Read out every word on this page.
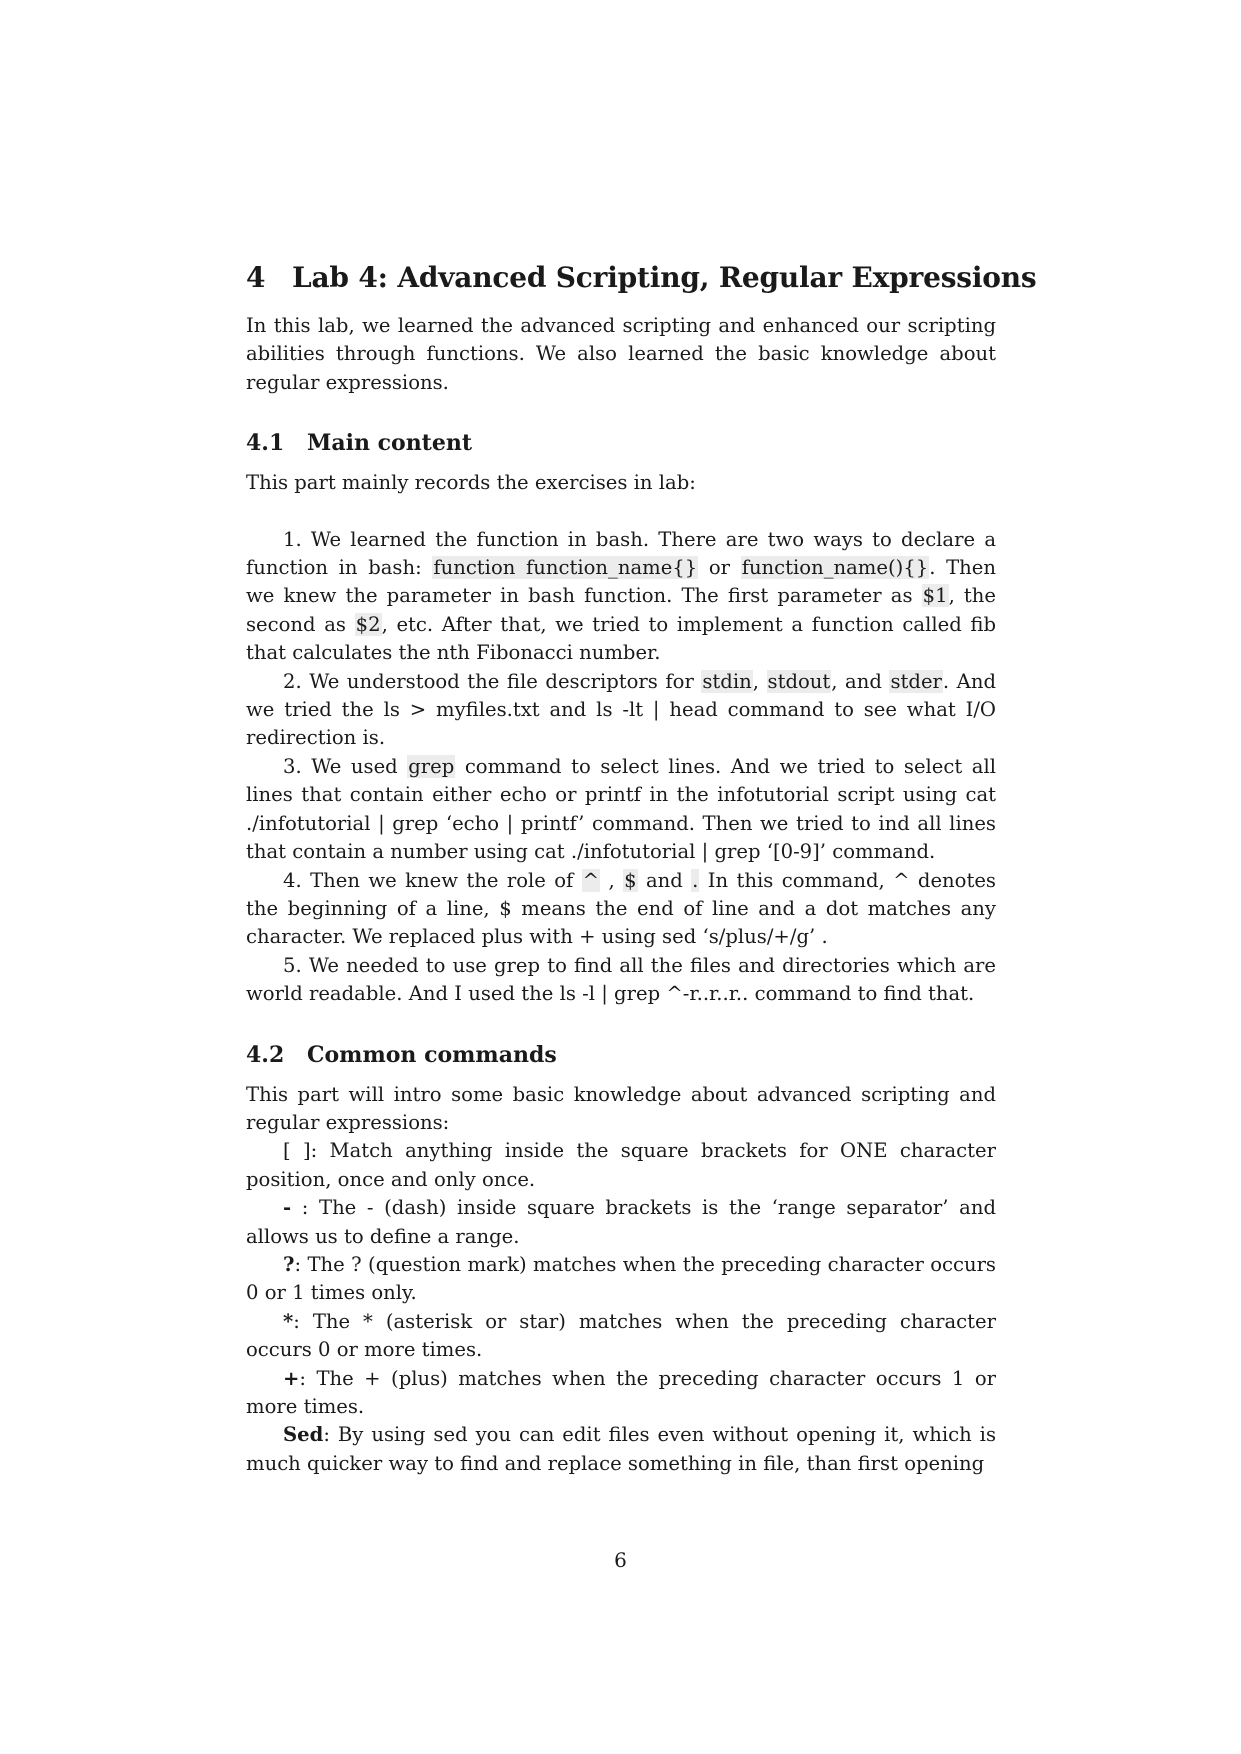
4 Lab 4: Advanced Scripting, Regular Expressions

In this lab, we learned the advanced scripting and enhanced our scripting abilities through functions. We also learned the basic knowledge about regular expressions.

4.1 Main content

This part mainly records the exercises in lab:

1. We learned the function in bash. There are two ways to declare a function in bash: function function_name{} or function_name(){}. Then we knew the parameter in bash function. The first parameter as $1, the second as $2, etc. After that, we tried to implement a function called fib that calculates the nth Fibonacci number.

2. We understood the file descriptors for stdin, stdout, and stder. And we tried the ls > myfiles.txt and ls -lt | head command to see what I/O redirection is.

3. We used grep command to select lines. And we tried to select all lines that contain either echo or printf in the infotutorial script using cat ./infotutorial | grep ‘echo | printf’ command. Then we tried to ind all lines that contain a number using cat ./infotutorial | grep ‘[0-9]’ command.

4. Then we knew the role of ^ , $ and . In this command, ^ denotes the beginning of a line, $ means the end of line and a dot matches any character. We replaced plus with + using sed ‘s/plus/+/g’ .

5. We needed to use grep to find all the files and directories which are world readable. And I used the ls -l | grep ^-r..r..r.. command to find that.

4.2 Common commands

This part will intro some basic knowledge about advanced scripting and regular expressions:

[ ]: Match anything inside the square brackets for ONE character position, once and only once.

- : The - (dash) inside square brackets is the ‘range separator’ and allows us to define a range.

?: The ? (question mark) matches when the preceding character occurs 0 or 1 times only.

*: The * (asterisk or star) matches when the preceding character occurs 0 or more times.

+: The + (plus) matches when the preceding character occurs 1 or more times.

Sed: By using sed you can edit files even without opening it, which is much quicker way to find and replace something in file, than first opening

6
